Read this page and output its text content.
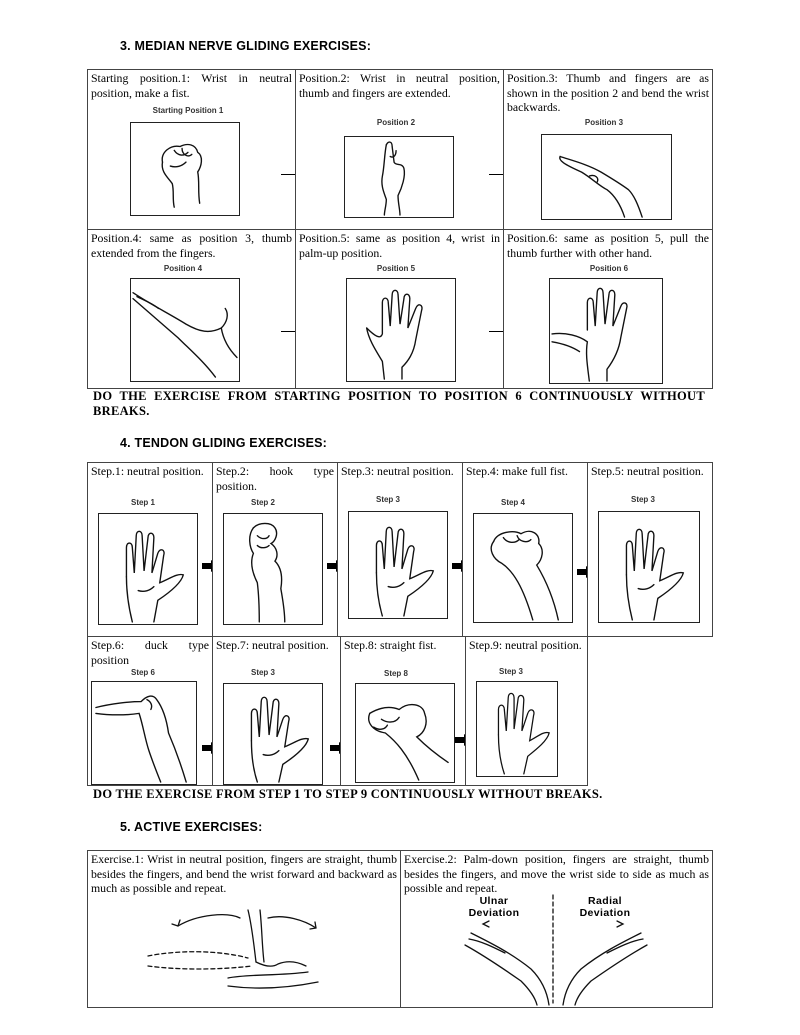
3. MEDIAN NERVE GLIDING EXERCISES:
Starting position.1: Wrist in neutral position, make a fist.
Starting Position 1
Position.2: Wrist in neutral position, thumb and fingers are extended.
Position 2
Position.3: Thumb and fingers are as shown in the position 2 and bend the wrist backwards.
Position 3
Position.4: same as position 3, thumb extended from the fingers.
Position 4
Position.5: same as position 4, wrist in palm-up position.
Position 5
Position.6: same as position 5, pull the thumb further with other hand.
Position 6
DO THE EXERCISE FROM STARTING POSITION TO POSITION 6 CONTINUOUSLY WITHOUT BREAKS.
4. TENDON GLIDING EXERCISES:
Step.1: neutral position.
Step 1
Step.2: hook type position.
Step 2
Step.3: neutral position.
Step 3
Step.4: make full fist.
Step 4
Step.5: neutral position.
Step 3
Step.6: duck type position
Step 6
Step.7: neutral position.
Step 3
Step.8: straight fist.
Step 8
Step.9: neutral position.
Step 3
DO THE EXERCISE FROM STEP 1 TO STEP 9 CONTINUOUSLY WITHOUT BREAKS.
5. ACTIVE EXERCISES:
Exercise.1: Wrist in neutral position, fingers are straight, thumb besides the fingers, and bend the wrist forward and backward as much as possible and repeat.
Exercise.2: Palm-down position, fingers are straight, thumb besides the fingers, and move the wrist side to side as much as possible and repeat.
Ulnar
Deviation
Radial
Deviation
